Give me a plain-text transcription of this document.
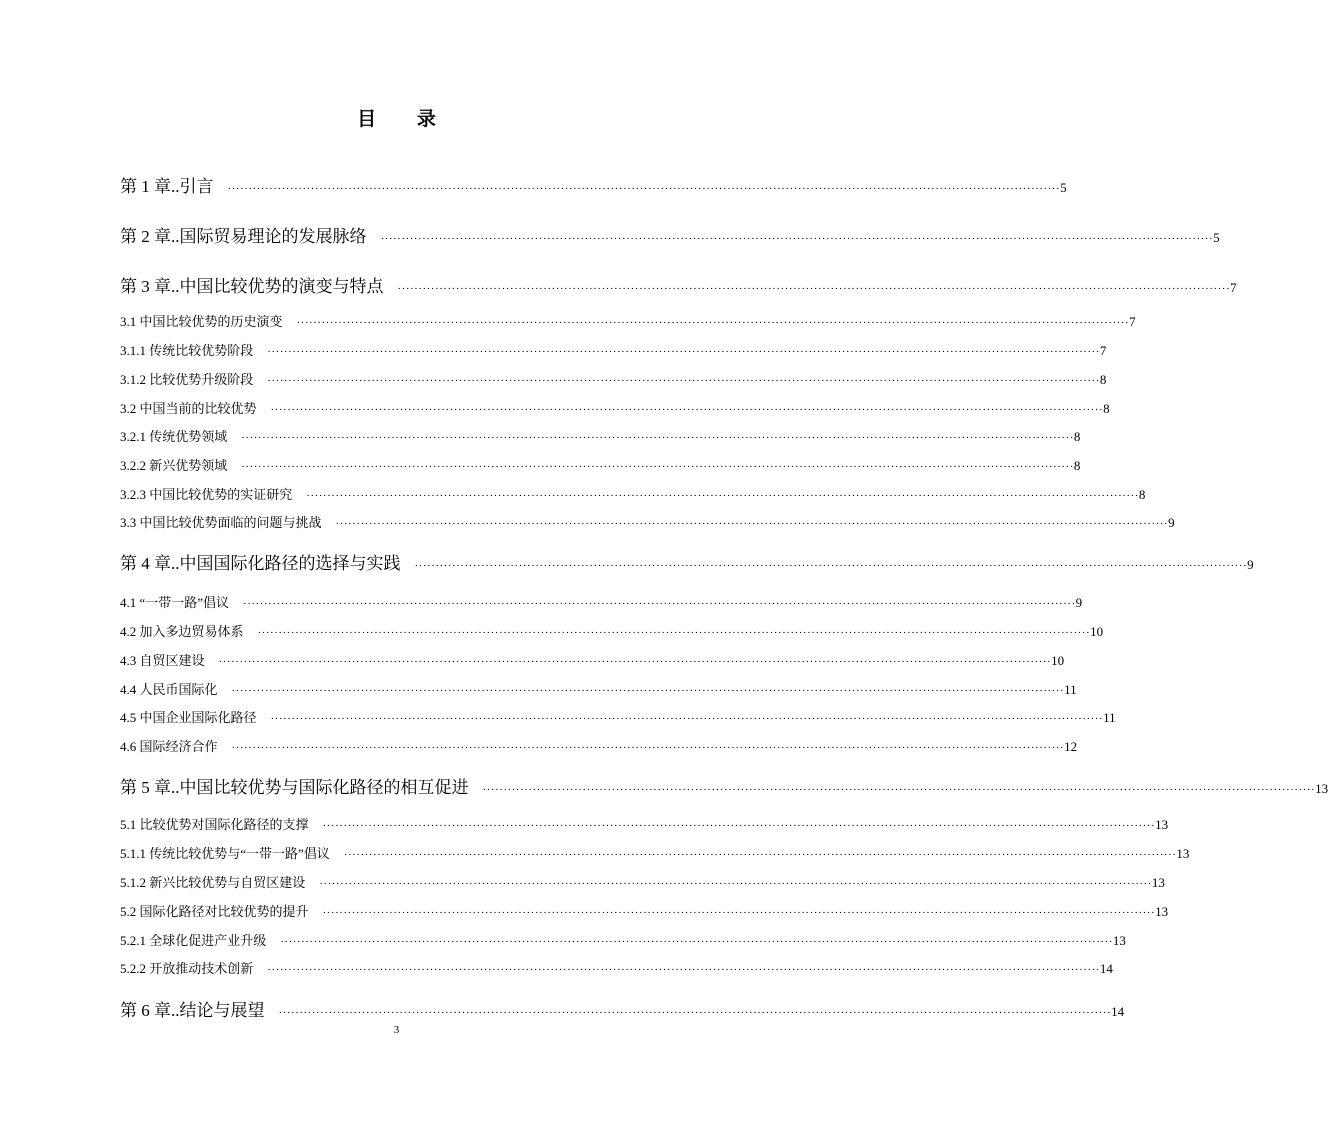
目 录
第 1 章..引言 ········································································································································································································ 5
第 2 章..国际贸易理论的发展脉络 ········································································································································································································ 5
第 3 章..中国比较优势的演变与特点 ········································································································································································································ 7
3.1 中国比较优势的历史演变 ········································································································································································································ 7
3.1.1 传统比较优势阶段 ········································································································································································································ 7
3.1.2 比较优势升级阶段 ········································································································································································································ 8
3.2 中国当前的比较优势 ········································································································································································································ 8
3.2.1 传统优势领域 ········································································································································································································ 8
3.2.2 新兴优势领域 ········································································································································································································ 8
3.2.3 中国比较优势的实证研究 ········································································································································································································ 8
3.3 中国比较优势面临的问题与挑战 ········································································································································································································ 9
第 4 章..中国国际化路径的选择与实践 ········································································································································································································ 9
4.1 “一带一路”倡议 ········································································································································································································ 9
4.2 加入多边贸易体系 ········································································································································································································ 10
4.3 自贸区建设 ········································································································································································································ 10
4.4 人民币国际化 ········································································································································································································ 11
4.5 中国企业国际化路径 ········································································································································································································ 11
4.6 国际经济合作 ········································································································································································································ 12
第 5 章..中国比较优势与国际化路径的相互促进 ········································································································································································································ 13
5.1 比较优势对国际化路径的支撑 ········································································································································································································ 13
5.1.1 传统比较优势与“一带一路”倡议 ········································································································································································································ 13
5.1.2 新兴比较优势与自贸区建设 ········································································································································································································ 13
5.2 国际化路径对比较优势的提升 ········································································································································································································ 13
5.2.1 全球化促进产业升级 ········································································································································································································ 13
5.2.2 开放推动技术创新 ········································································································································································································ 14
第 6 章..结论与展望 ········································································································································································································ 14
3
